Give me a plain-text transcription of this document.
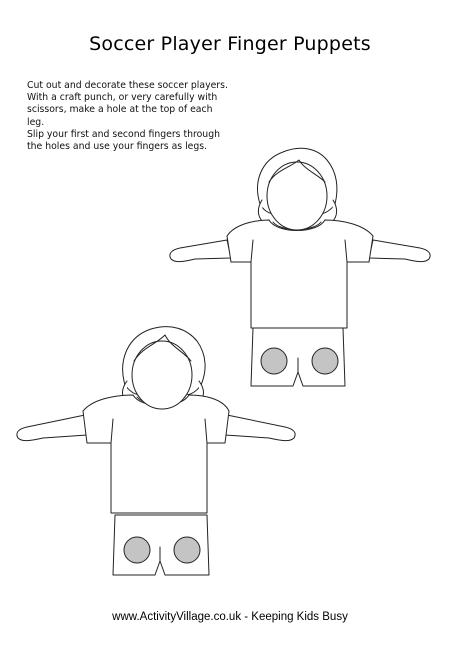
Soccer Player Finger Puppets
Cut out and decorate these soccer players.
With a craft punch, or very carefully with
scissors, make a hole at the top of each
leg.
Slip your first and second fingers through
the holes and use your fingers as legs.
www.ActivityVillage.co.uk - Keeping Kids Busy
